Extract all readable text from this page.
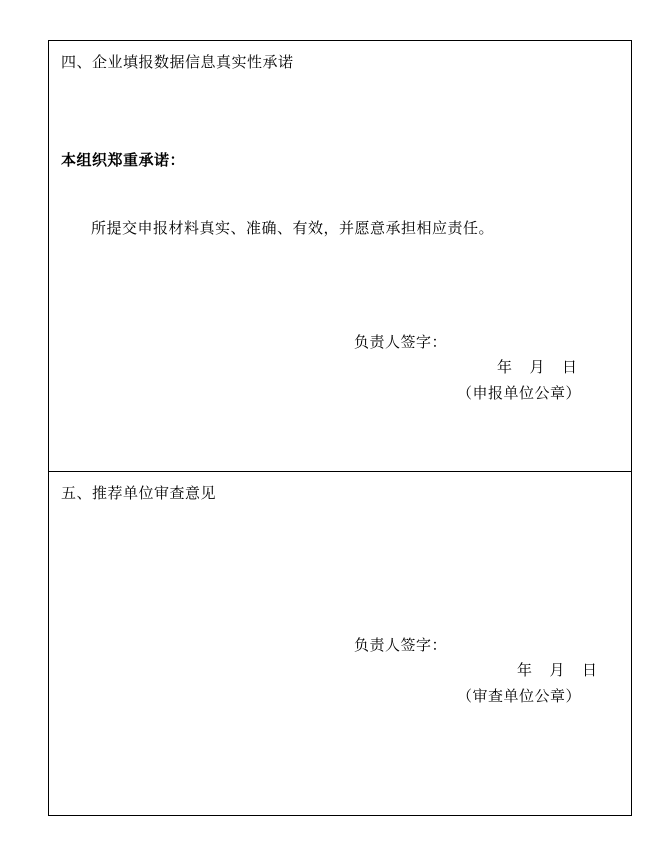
四、企业填报数据信息真实性承诺
本组织郑重承诺：
所提交申报材料真实、准确、有效，并愿意承担相应责任。
负责人签字：
年    月    日
（申报单位公章）
五、推荐单位审查意见
负责人签字：
年    月    日
（审查单位公章）
